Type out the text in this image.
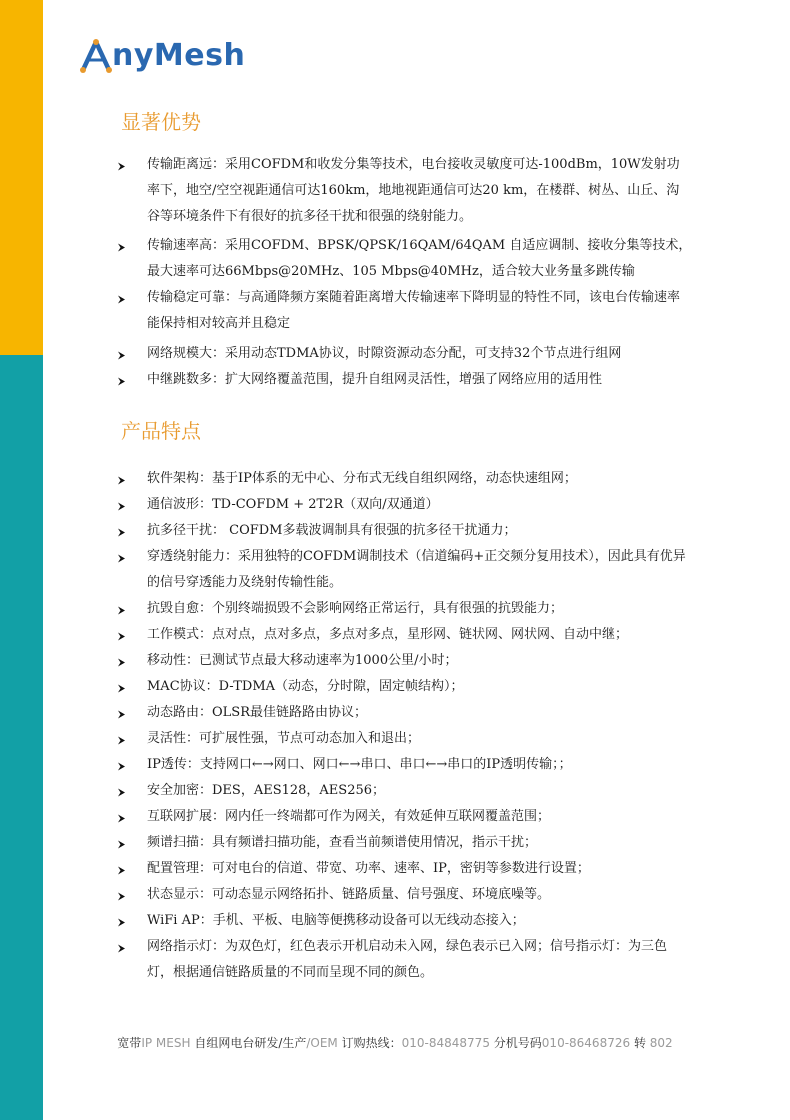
nyMesh
显著优势
传输距离远：采用COFDM和收发分集等技术，电台接收灵敏度可达-100dBm，10W发射功率下，地空/空空视距通信可达160km，地地视距通信可达20 km，在楼群、树丛、山丘、沟谷等环境条件下有很好的抗多径干扰和很强的绕射能力。
传输速率高：采用COFDM、BPSK/QPSK/16QAM/64QAM 自适应调制、接收分集等技术，最大速率可达66Mbps@20MHz、105 Mbps@40MHz，适合较大业务量多跳传输
传输稳定可靠：与高通降频方案随着距离增大传输速率下降明显的特性不同，该电台传输速率能保持相对较高并且稳定
网络规模大：采用动态TDMA协议，时隙资源动态分配，可支持32个节点进行组网
中继跳数多：扩大网络覆盖范围，提升自组网灵活性，增强了网络应用的适用性
产品特点
软件架构：基于IP体系的无中心、分布式无线自组织网络，动态快速组网；
通信波形：TD-COFDM + 2T2R（双向/双通道）
抗多径干扰： COFDM多载波调制具有很强的抗多径干扰通力；
穿透绕射能力：采用独特的COFDM调制技术（信道编码+正交频分复用技术），因此具有优异的信号穿透能力及绕射传输性能。
抗毁自愈：个别终端损毁不会影响网络正常运行，具有很强的抗毁能力；
工作模式：点对点，点对多点，多点对多点，星形网、链状网、网状网、自动中继；
移动性：已测试节点最大移动速率为1000公里/小时；
MAC协议：D-TDMA（动态，分时隙，固定帧结构）；
动态路由：OLSR最佳链路路由协议；
灵活性：可扩展性强，节点可动态加入和退出；
IP透传：支持网口←→网口、网口←→串口、串口←→串口的IP透明传输；；
安全加密：DES，AES128，AES256；
互联网扩展：网内任一终端都可作为网关，有效延伸互联网覆盖范围；
频谱扫描：具有频谱扫描功能，查看当前频谱使用情况，指示干扰；
配置管理：可对电台的信道、带宽、功率、速率、IP，密钥等参数进行设置；
状态显示：可动态显示网络拓扑、链路质量、信号强度、环境底噪等。
WiFi AP：手机、平板、电脑等便携移动设备可以无线动态接入；
网络指示灯：为双色灯，红色表示开机启动未入网，绿色表示已入网；信号指示灯：为三色灯，根据通信链路质量的不同而呈现不同的颜色。
宽带IP MESH 自组网电台研发/生产/OEM 订购热线：010-84848775 分机号码010-86468726 转 802
